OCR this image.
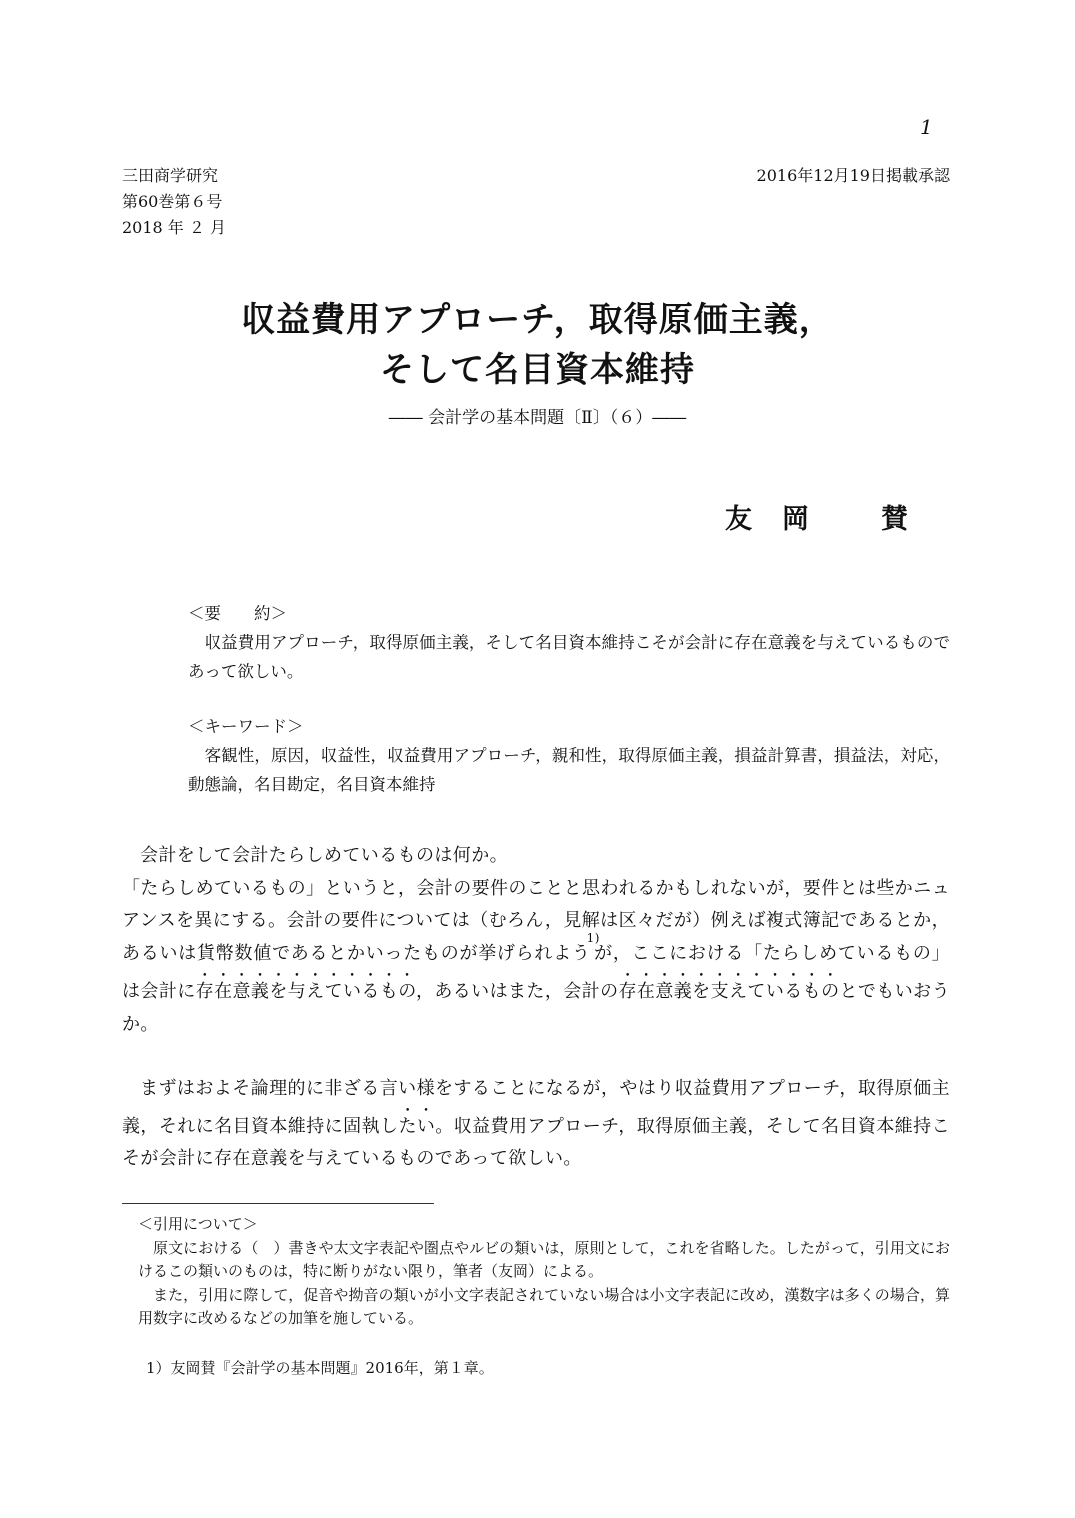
1
三田商学研究
第60巻第６号
2018 年 ２ 月
2016年12月19日掲載承認
収益費用アプローチ，取得原価主義，
そして名目資本維持
―― 会計学の基本問題〔Ⅱ〕（６）――
友 岡	賛
＜要　　約＞
　収益費用アプローチ，取得原価主義，そして名目資本維持こそが会計に存在意義を与えているものであって欲しい。
＜キーワード＞
　客観性，原因，収益性，収益費用アプローチ，親和性，取得原価主義，損益計算書，損益法，対応，動態論，名目勘定，名目資本維持

会計をして会計たらしめているものは何か。

「たらしめているもの」というと，会計の要件のことと思われるかもしれないが，要件とは些かニュアンスを異にする。会計の要件については（むろん，見解は区々だが）例えば複式簿記であるとか，あるいは貨幣数値であるとかいったものが挙げられよう$^{1)}$が，ここにおける「たらしめているもの」は会計に存在意義を与えているもの，あるいはまた，会計の存在意義を支えているものとでもいおうか。

まずはおよそ論理的に非ざる言い様をすることになるが，やはり収益費用アプローチ，取得原価主義，それに名目資本維持に固執したい。収益費用アプローチ，取得原価主義，そして名目資本維持こそが会計に存在意義を与えているものであって欲しい。

＜引用について＞

　原文における（　）書きや太文字表記や圏点やルビの類いは，原則として，これを省略した。したがって，引用文におけるこの類いのものは，特に断りがない限り，筆者（友岡）による。

　また，引用に際して，促音や拗音の類いが小文字表記されていない場合は小文字表記に改め，漢数字は多くの場合，算用数字に改めるなどの加筆を施している。

1）友岡賛『会計学の基本問題』2016年，第１章。
